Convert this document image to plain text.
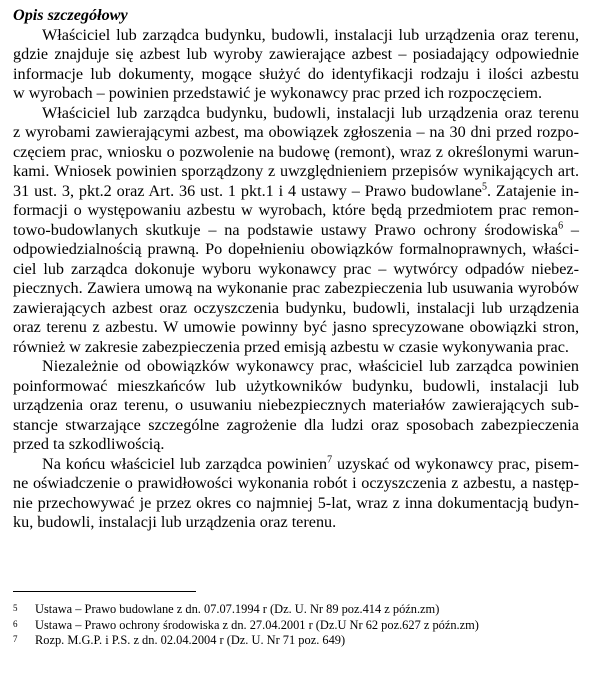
Opis szczegółowy

Właściciel lub zarządca budynku, budowli, instalacji lub urządzenia oraz terenu,
gdzie znajduje się azbest lub wyroby zawierające azbest – posiadający odpowiednie
informacje lub dokumenty, mogące służyć do identyfikacji rodzaju i ilości azbestu
w wyrobach – powinien przedstawić je wykonawcy prac przed ich rozpoczęciem.
Właściciel lub zarządca budynku, budowli, instalacji lub urządzenia oraz terenu
z wyrobami zawierającymi azbest, ma obowiązek zgłoszenia – na 30 dni przed rozpo-
częciem prac, wniosku o pozwolenie na budowę (remont), wraz z określonymi warun-
kami. Wniosek powinien sporządzony z uwzględnieniem przepisów wynikających art.
31 ust. 3, pkt.2 oraz Art. 36 ust. 1 pkt.1 i 4 ustawy – Prawo budowlane$^5$. Zatajenie in-
formacji o występowaniu azbestu w wyrobach, które będą przedmiotem prac remon-
towo-budowlanych skutkuje – na podstawie ustawy Prawo ochrony środowiska$^6$ –
odpowiedzialnością prawną. Po dopełnieniu obowiązków formalnoprawnych, właści-
ciel lub zarządca dokonuje wyboru wykonawcy prac – wytwórcy odpadów niebez-
piecznych. Zawiera umową na wykonanie prac zabezpieczenia lub usuwania wyrobów
zawierających azbest oraz oczyszczenia budynku, budowli, instalacji lub urządzenia
oraz terenu z azbestu. W umowie powinny być jasno sprecyzowane obowiązki stron,
również w zakresie zabezpieczenia przed emisją azbestu w czasie wykonywania prac.
Niezależnie od obowiązków wykonawcy prac, właściciel lub zarządca powinien
poinformować mieszkańców lub użytkowników budynku, budowli, instalacji lub
urządzenia oraz terenu, o usuwaniu niebezpiecznych materiałów zawierających sub-
stancje stwarzające szczególne zagrożenie dla ludzi oraz sposobach zabezpieczenia
przed ta szkodliwością.
Na końcu właściciel lub zarządca powinien$^7$ uzyskać od wykonawcy prac, pisem-
ne oświadczenie o prawidłowości wykonania robót i oczyszczenia z azbestu, a następ-
nie przechowywać je przez okres co najmniej 5-lat, wraz z inna dokumentacją budyn-
ku, budowli, instalacji lub urządzenia oraz terenu.
5	Ustawa – Prawo budowlane z dn. 07.07.1994 r (Dz. U. Nr 89 poz.414 z późn.zm)
6	Ustawa – Prawo ochrony środowiska z dn. 27.04.2001 r (Dz.U Nr 62 poz.627 z późn.zm)
7	Rozp. M.G.P. i P.S. z dn. 02.04.2004 r (Dz. U. Nr 71 poz. 649)
